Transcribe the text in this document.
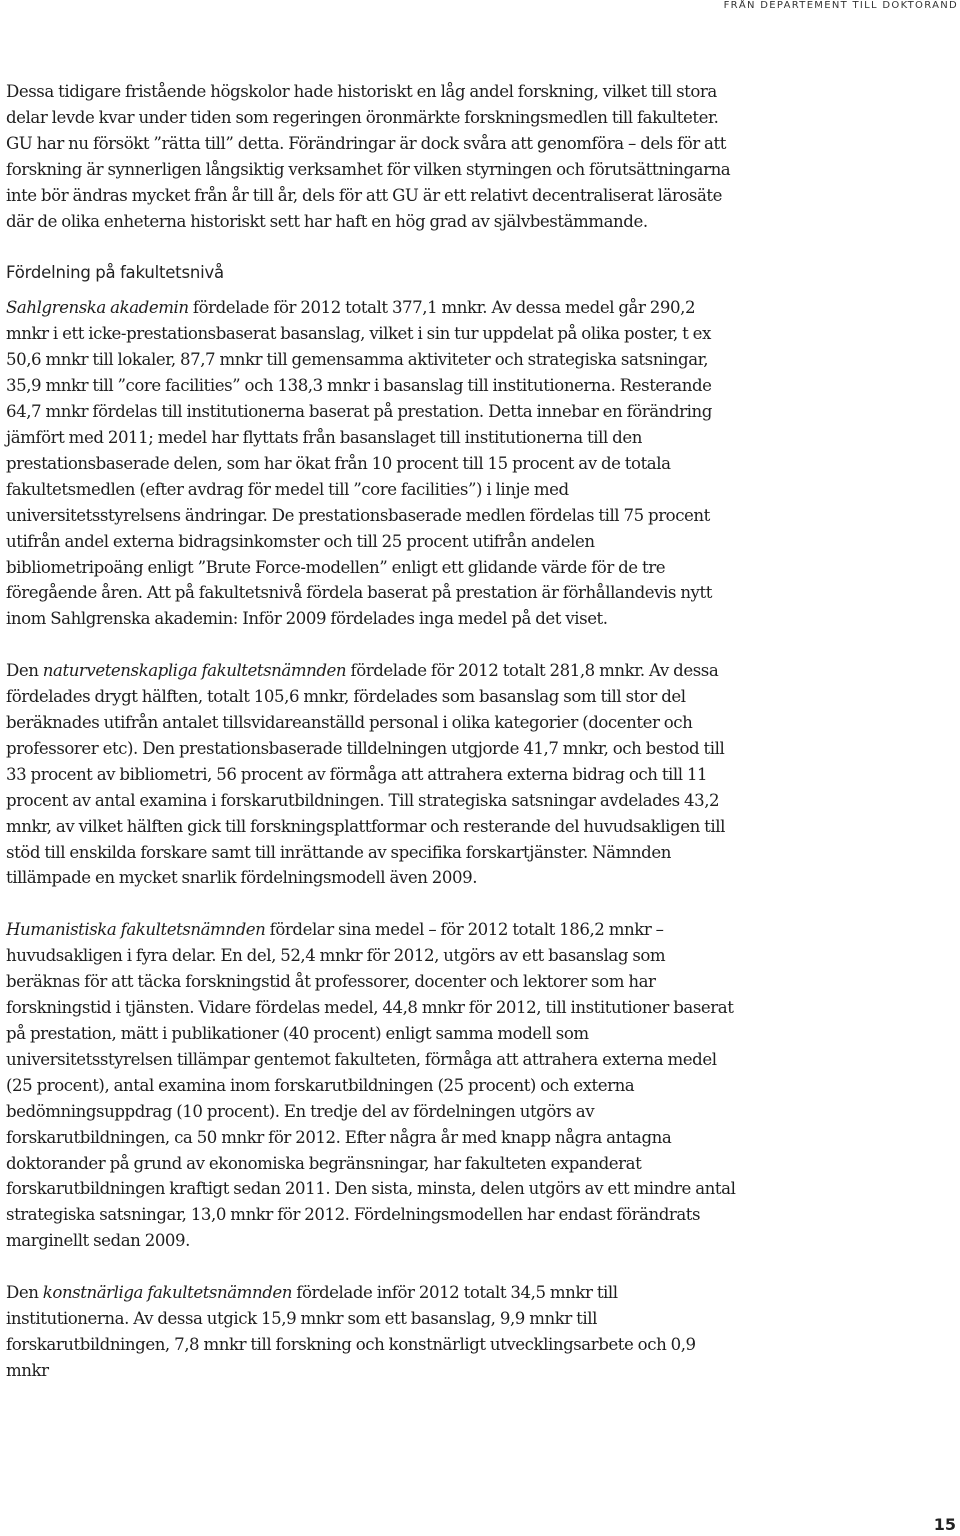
FRÅN DEPARTEMENT TILL DOKTORAND

Dessa tidigare fristående högskolor hade historiskt en låg andel forskning, vilket till stora delar levde kvar under tiden som regeringen öronmärkte forskningsmedlen till fakulteter. GU har nu försökt ”rätta till” detta. Förändringar är dock svåra att genomföra – dels för att forskning är synnerligen långsiktig verksamhet för vilken styrningen och förutsättningarna inte bör ändras mycket från år till år, dels för att GU är ett relativt decentraliserat lärosäte där de olika enheterna historiskt sett har haft en hög grad av självbestämmande.

Fördelning på fakultetsnivå

Sahlgrenska akademin fördelade för 2012 totalt 377,1 mnkr. Av dessa medel går 290,2 mnkr i ett icke-prestationsbaserat basanslag, vilket i sin tur uppdelat på olika poster, t ex 50,6 mnkr till lokaler, 87,7 mnkr till gemensamma aktiviteter och strategiska satsningar, 35,9 mnkr till ”core facilities” och 138,3 mnkr i basanslag till institutionerna. Resterande 64,7 mnkr fördelas till institutionerna baserat på prestation. Detta innebar en förändring jämfört med 2011; medel har flyttats från basanslaget till institutionerna till den prestationsbaserade delen, som har ökat från 10 procent till 15 procent av de totala fakultetsmedlen (efter avdrag för medel till ”core facilities”) i linje med universitetsstyrelsens ändringar. De prestationsbaserade medlen fördelas till 75 procent utifrån andel externa bidragsinkomster och till 25 procent utifrån andelen bibliometripoäng enligt ”Brute Force-modellen” enligt ett glidande värde för de tre föregående åren. Att på fakultetsnivå fördela baserat på prestation är förhållandevis nytt inom Sahlgrenska akademin: Inför 2009 fördelades inga medel på det viset.

Den naturvetenskapliga fakultetsnämnden fördelade för 2012 totalt 281,8 mnkr. Av dessa fördelades drygt hälften, totalt 105,6 mnkr, fördelades som basanslag som till stor del beräknades utifrån antalet tillsvidareanställd personal i olika kategorier (docenter och professorer etc). Den prestationsbaserade tilldelningen utgjorde 41,7 mnkr, och bestod till 33 procent av bibliometri, 56 procent av förmåga att attrahera externa bidrag och till 11 procent av antal examina i forskarutbildningen. Till strategiska satsningar avdelades 43,2 mnkr, av vilket hälften gick till forskningsplattformar och resterande del huvudsakligen till stöd till enskilda forskare samt till inrättande av specifika forskartjänster. Nämnden tillämpade en mycket snarlik fördelningsmodell även 2009.

Humanistiska fakultetsnämnden fördelar sina medel – för 2012 totalt 186,2 mnkr – huvudsakligen i fyra delar. En del, 52,4 mnkr för 2012, utgörs av ett basanslag som beräknas för att täcka forskningstid åt professorer, docenter och lektorer som har forskningstid i tjänsten. Vidare fördelas medel, 44,8 mnkr för 2012, till institutioner baserat på prestation, mätt i publikationer (40 procent) enligt samma modell som universitetsstyrelsen tillämpar gentemot fakulteten, förmåga att attrahera externa medel (25 procent), antal examina inom forskarutbildningen (25 procent) och externa bedömningsuppdrag (10 procent). En tredje del av fördelningen utgörs av forskarutbildningen, ca 50 mnkr för 2012. Efter några år med knapp några antagna doktorander på grund av ekonomiska begränsningar, har fakulteten expanderat forskarutbildningen kraftigt sedan 2011. Den sista, minsta, delen utgörs av ett mindre antal strategiska satsningar, 13,0 mnkr för 2012. Fördelningsmodellen har endast förändrats marginellt sedan 2009.

Den konstnärliga fakultetsnämnden fördelade inför 2012 totalt 34,5 mnkr till institutionerna. Av dessa utgick 15,9 mnkr som ett basanslag, 9,9 mnkr till forskarutbildningen, 7,8 mnkr till forskning och konstnärligt utvecklingsarbete och 0,9 mnkr

15
